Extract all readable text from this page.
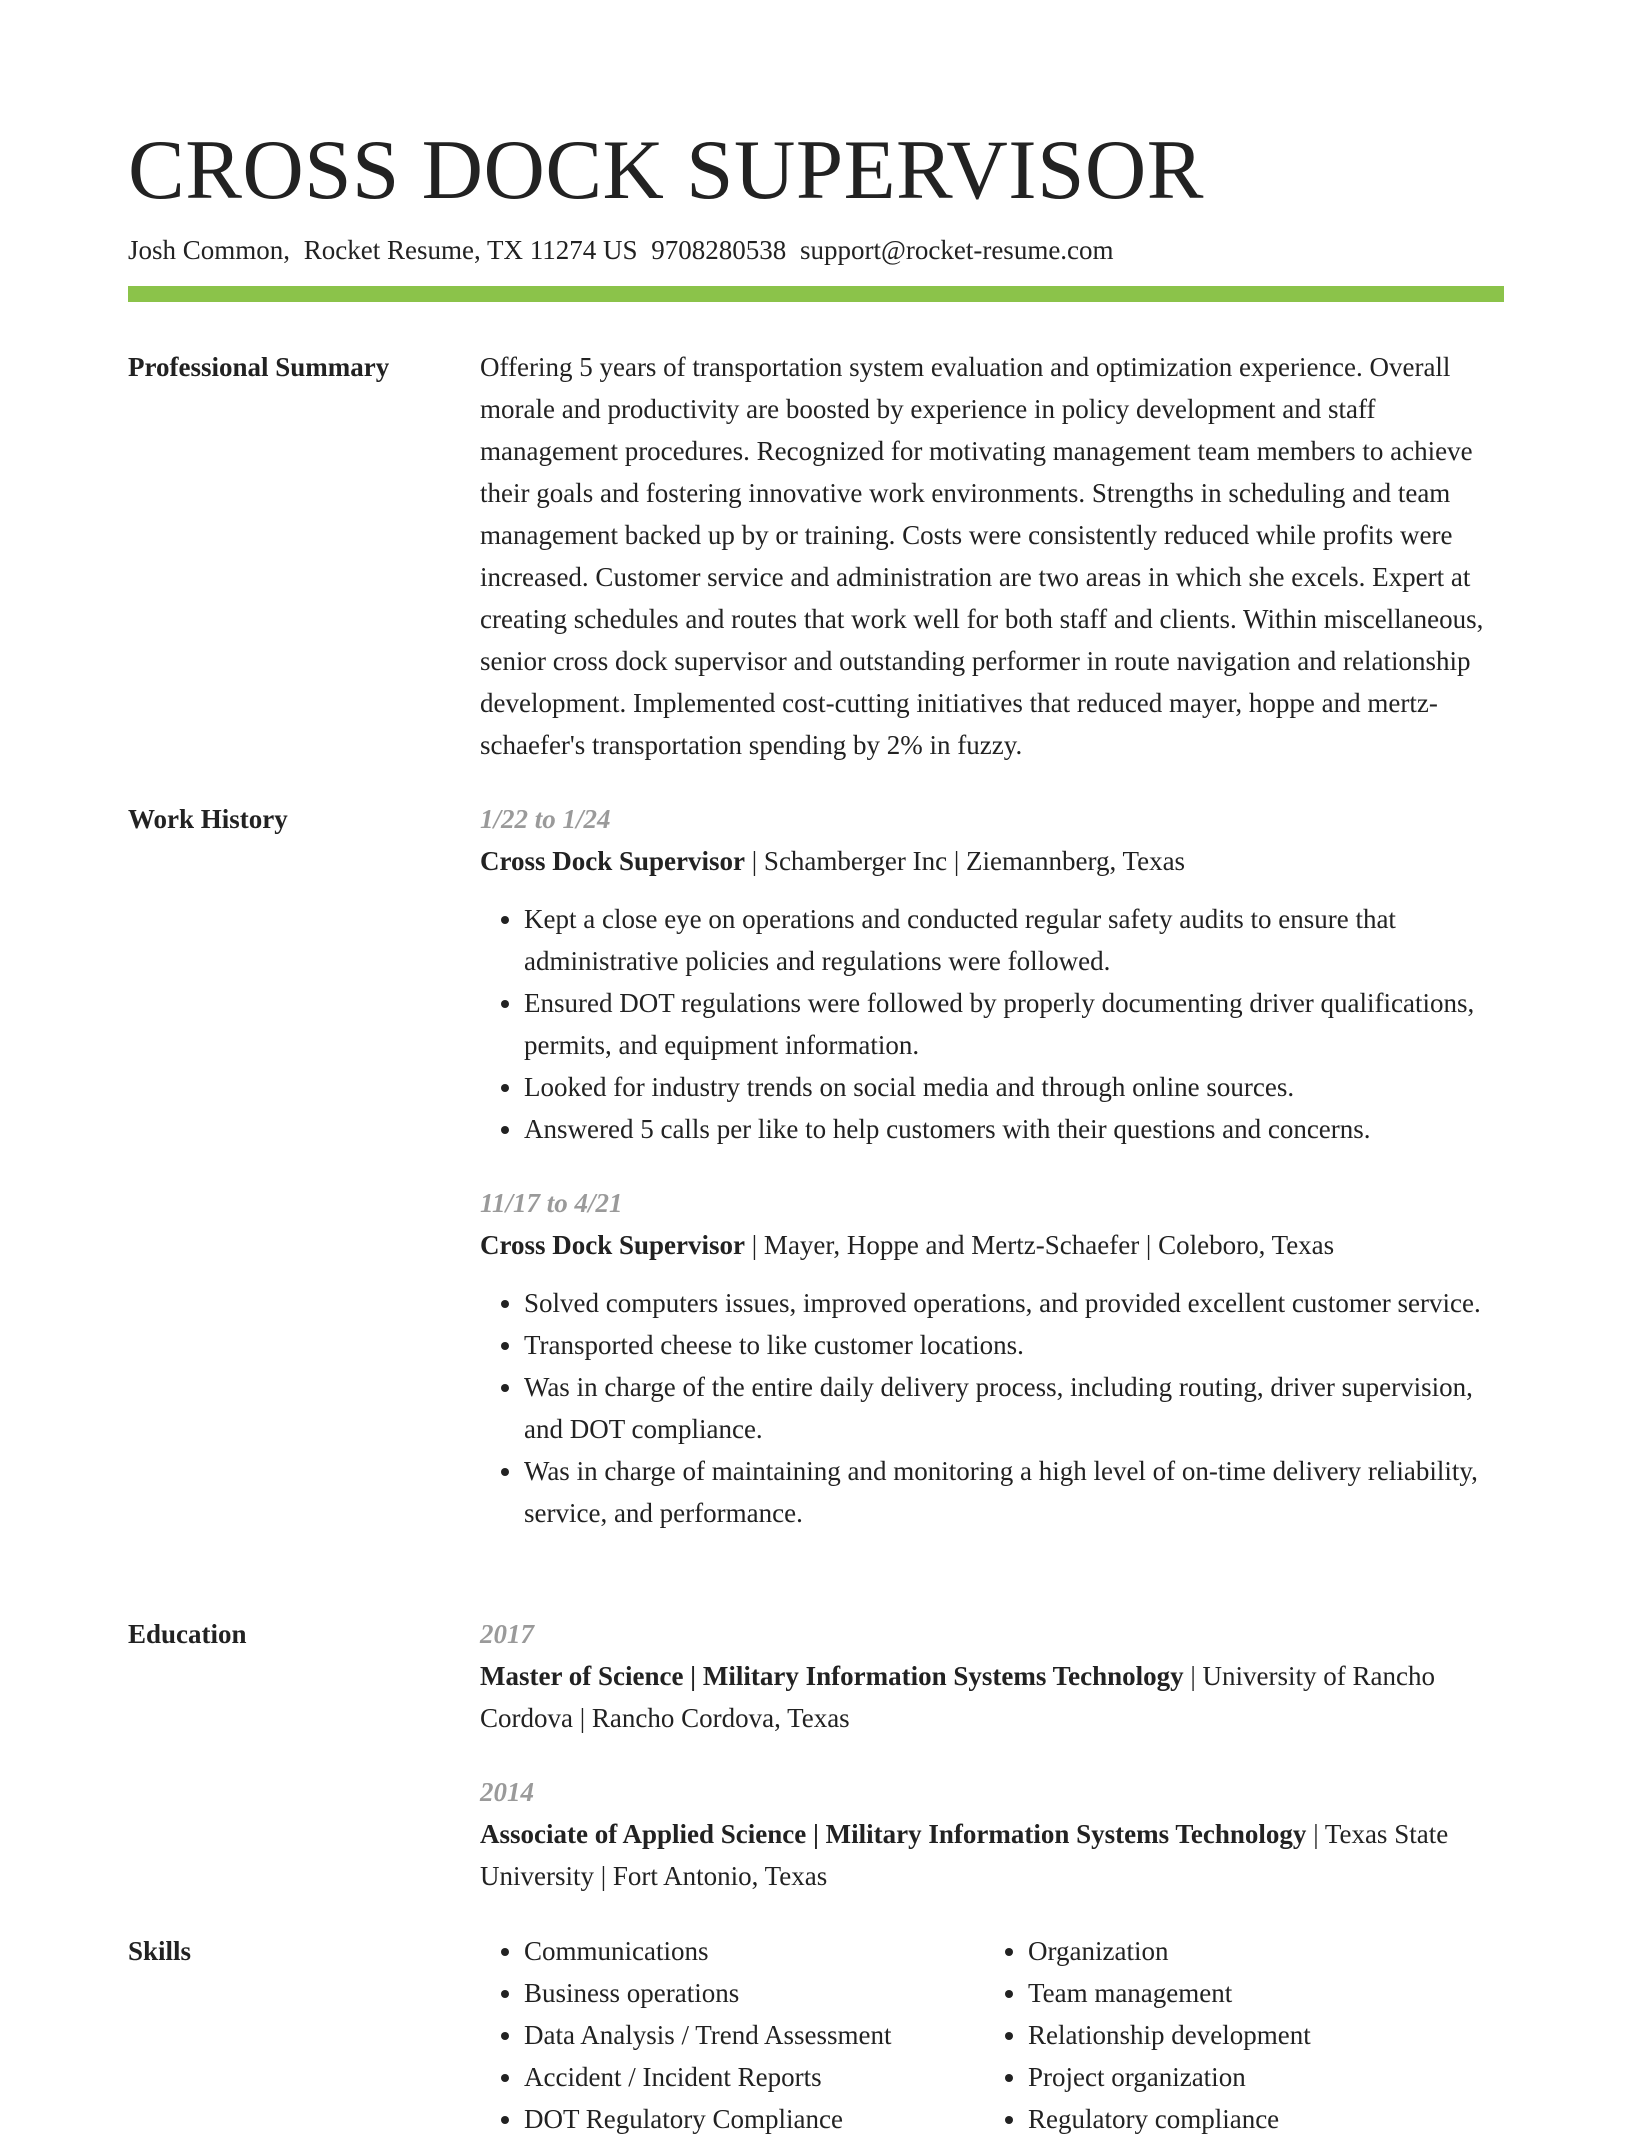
CROSS DOCK SUPERVISOR
Josh Common, Rocket Resume, TX 11274 US 9708280538 support@rocket-resume.com
Professional Summary	Offering 5 years of transportation system evaluation and optimization experience. Overall morale and productivity are boosted by experience in policy development and staff management procedures. Recognized for motivating management team members to achieve their goals and fostering innovative work environments. Strengths in scheduling and team management backed up by or training. Costs were consistently reduced while profits were increased. Customer service and administration are two areas in which she excels. Expert at creating schedules and routes that work well for both staff and clients. Within miscellaneous, senior cross dock supervisor and outstanding performer in route navigation and relationship development. Implemented cost-cutting initiatives that reduced mayer, hoppe and mertz-schaefer's transportation spending by 2% in fuzzy.

Work History	1/22 to 1/24
Cross Dock Supervisor | Schamberger Inc | Ziemannberg, Texas
• Kept a close eye on operations and conducted regular safety audits to ensure that administrative policies and regulations were followed.
• Ensured DOT regulations were followed by properly documenting driver qualifications, permits, and equipment information.
• Looked for industry trends on social media and through online sources.
• Answered 5 calls per like to help customers with their questions and concerns.
11/17 to 4/21
Cross Dock Supervisor | Mayer, Hoppe and Mertz-Schaefer | Coleboro, Texas
• Solved computers issues, improved operations, and provided excellent customer service.
• Transported cheese to like customer locations.
• Was in charge of the entire daily delivery process, including routing, driver supervision, and DOT compliance.
• Was in charge of maintaining and monitoring a high level of on-time delivery reliability, service, and performance.
Education	2017
Master of Science | Military Information Systems Technology | University of Rancho Cordova | Rancho Cordova, Texas
2014
Associate of Applied Science | Military Information Systems Technology | Texas State University | Fort Antonio, Texas
Skills
•	Communications
• Business operations
• Data Analysis / Trend Assessment
• Accident / Incident Reports
• DOT Regulatory Compliance
• Organization
• Team management
• Relationship development
• Project organization
• Regulatory compliance
